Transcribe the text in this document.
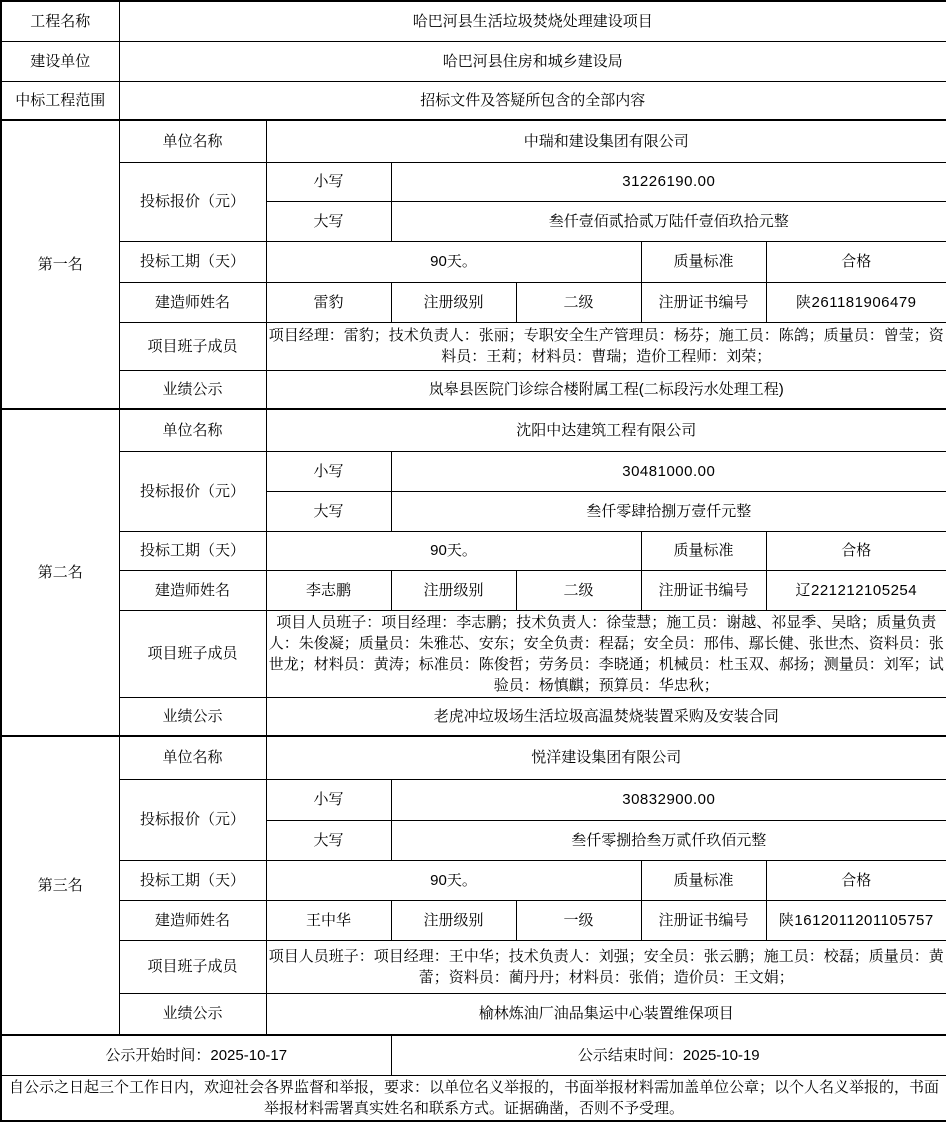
工程名称	哈巴河县生活垃圾焚烧处理建设项目					
建设单位	哈巴河县住房和城乡建设局					
中标工程范围	招标文件及答疑所包含的全部内容					
第一名	单位名称	中瑞和建设集团有限公司				
	投标报价（元）	小写	31226190.00			
		大写	叁仟壹佰贰拾贰万陆仟壹佰玖拾元整			
	投标工期（天）	90天。			质量标准	合格
	建造师姓名	雷豹	注册级别	二级	注册证书编号	陕261181906479
	项目班子成员	项目经理：雷豹；技术负责人：张丽；专职安全生产管理员：杨芬；施工员：陈鸽；质量员：曾莹；资料员：王莉；材料员：曹瑞；造价工程师：刘荣；				
	业绩公示	岚皋县医院门诊综合楼附属工程(二标段污水处理工程)				
第二名	单位名称	沈阳中达建筑工程有限公司				
	投标报价（元）	小写	30481000.00			
		大写	叁仟零肆拾捌万壹仟元整			
	投标工期（天）	90天。			质量标准	合格
	建造师姓名	李志鹏	注册级别	二级	注册证书编号	辽221212105254
	项目班子成员	项目人员班子：项目经理：李志鹏；技术负责人：徐莹慧；施工员：谢越、祁显季、吴晗；质量负责人：朱俊凝；质量员：朱雅芯、安东；安全负责：程磊；安全员：邢伟、鄢长健、张世杰、资料员：张世龙；材料员：黄涛；标准员：陈俊哲；劳务员：李晓通；机械员：杜玉双、郝扬；测量员：刘军；试验员：杨慎麒；预算员：华忠秋；				
	业绩公示	老虎冲垃圾场生活垃圾高温焚烧装置采购及安装合同				
第三名	单位名称	悦洋建设集团有限公司				
	投标报价（元）	小写	30832900.00			
		大写	叁仟零捌拾叁万贰仟玖佰元整			
	投标工期（天）	90天。			质量标准	合格
	建造师姓名	王中华	注册级别	一级	注册证书编号	陕1612011201105757
	项目班子成员	项目人员班子：项目经理：王中华；技术负责人：刘强；安全员：张云鹏；施工员：校磊；质量员：黄蕾；资料员：蔺丹丹；材料员：张俏；造价员：王文娟；				
	业绩公示	榆林炼油厂油品集运中心装置维保项目				
公示开始时间：2025-10-17			公示结束时间：2025-10-19			
自公示之日起三个工作日内，欢迎社会各界监督和举报，要求：以单位名义举报的，书面举报材料需加盖单位公章；以个人名义举报的，书面举报材料需署真实姓名和联系方式。证据确凿，否则不予受理。						
